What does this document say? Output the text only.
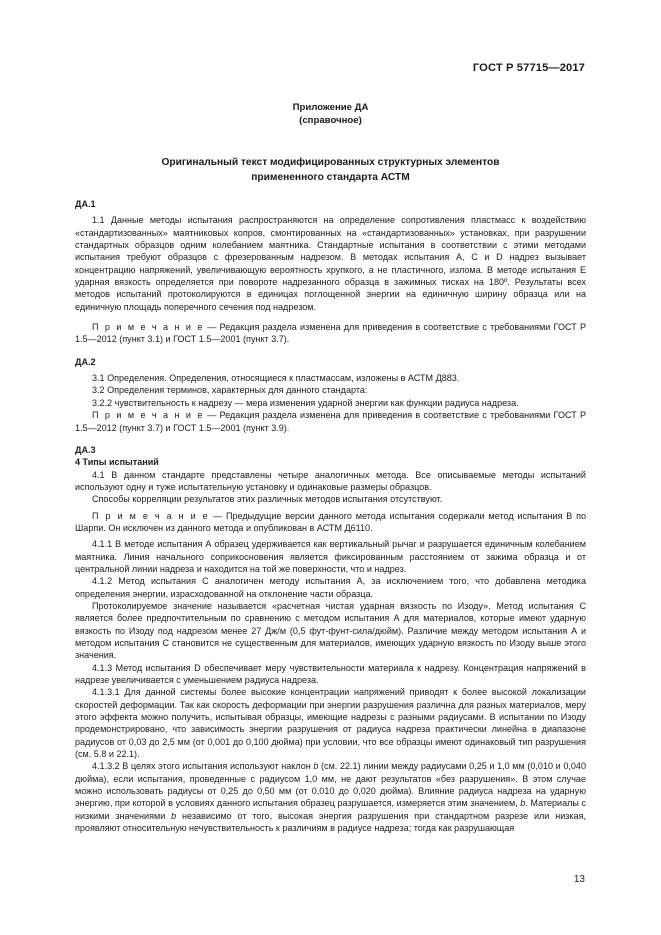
ГОСТ Р 57715—2017
Приложение ДА
(справочное)
Оригинальный текст модифицированных структурных элементов
примененного стандарта АСТМ
ДА.1

1.1 Данные методы испытания распространяются на определение сопротивления пластмасс к воздействию «стандартизованных» маятниковых копров, смонтированных на «стандартизованных» установках, при разрушении стандартных образцов одним колебанием маятника. Стандартные испытания в соответствии с этими методами испытания требуют образцов с фрезерованным надрезом. В методах испытания А, С и D надрез вызывает концентрацию напряжений, увеличивающую вероятность хрупкого, а не пластичного, излома. В методе испытания Е ударная вязкость определяется при повороте надрезанного образца в зажимных тисках на 180º. Результаты всех методов испытаний протоколируются в единицах поглощенной энергии на единичную ширину образца или на единичную площадь поперечного сечения под надрезом.

П р и м е ч а н и е — Редакция раздела изменена для приведения в соответствие с требованиями ГОСТ Р 1.5—2012 (пункт 3.1) и ГОСТ 1.5—2001 (пункт 3.7).

ДА.2

3.1 Определения. Определения, относящиеся к пластмассам, изложены в АСТМ Д883.

3.2 Определения терминов, характерных для данного стандарта:

3.2.2 чувствительность к надрезу — мера изменения ударной энергии как функции радиуса надреза.

П р и м е ч а н и е — Редакция раздела изменена для приведения в соответствие с требованиями ГОСТ Р 1.5—2012 (пункт 3.7) и ГОСТ 1.5—2001 (пункт 3.9).

ДА.3
4 Типы испытаний

4.1 В данном стандарте представлены четыре аналогичных метода. Все описываемые методы испытаний используют одну и туже испытательную установку и одинаковые размеры образцов.

Способы корреляции результатов этих различных методов испытания отсутствуют.

П р и м е ч а н и е — Предыдущие версии данного метода испытания содержали метод испытания В по Шарпи. Он исключен из данного метода и опубликован в АСТМ Д6110.

4.1.1 В методе испытания А образец удерживается как вертикальный рычаг и разрушается единичным колебанием маятника. Линия начального соприкосновения является фиксированным расстоянием от зажима образца и от центральной линии надреза и находится на той же поверхности, что и надрез.

4.1.2 Метод испытания С аналогичен методу испытания А, за исключением того, что добавлена методика определения энергии, израсходованной на отклонение части образца.

Протоколируемое значение называется «расчетная чистая ударная вязкость по Изоду». Метод испытания С является более предпочтительным по сравнению с методом испытания А для материалов, которые имеют ударную вязкость по Изоду под надрезом менее 27 Дж/м (0,5 фут-фунт-сила/дюйм). Различие между методом испытания А и методом испытания С становится не существенным для материалов, имеющих ударную вязкость по Изоду выше этого значения.

4.1.3 Метод испытания D обеспечивает меру чувствительности материала к надрезу. Концентрация напряжений в надрезе увеличивается с уменьшением радиуса надреза.

4.1.3.1 Для данной системы более высокие концентрации напряжений приводят к более высокой локализации скоростей деформации. Так как скорость деформации при энергии разрушения различна для разных материалов, меру этого эффекта можно получить, испытывая образцы, имеющие надрезы с разными радиусами. В испытании по Изоду продемонстрировано, что зависимость энергии разрушения от радиуса надреза практически линейна в диапазоне радиусов от 0,03 до 2,5 мм (от 0,001 до 0,100 дюйма) при условии, что все образцы имеют одинаковый тип разрушения (см. 5.8 и 22.1).

4.1.3.2 В целях этого испытания используют наклон b (см. 22.1) линии между радиусами 0,25 и 1,0 мм (0,010 и 0,040 дюйма), если испытания, проведенные с радиусом 1,0 мм, не дают результатов «без разрушения». В этом случае можно использовать радиусы от 0,25 до 0,50 мм (от 0,010 до 0,020 дюйма). Влияние радиуса надреза на ударную энергию, при которой в условиях данного испытания образец разрушается, измеряется этим значением, b. Материалы с низкими значениями b независимо от того, высокая энергия разрушения при стандартном разрезе или низкая, проявляют относительную нечувствительность к различиям в радиусе надреза; тогда как разрушающая

13
